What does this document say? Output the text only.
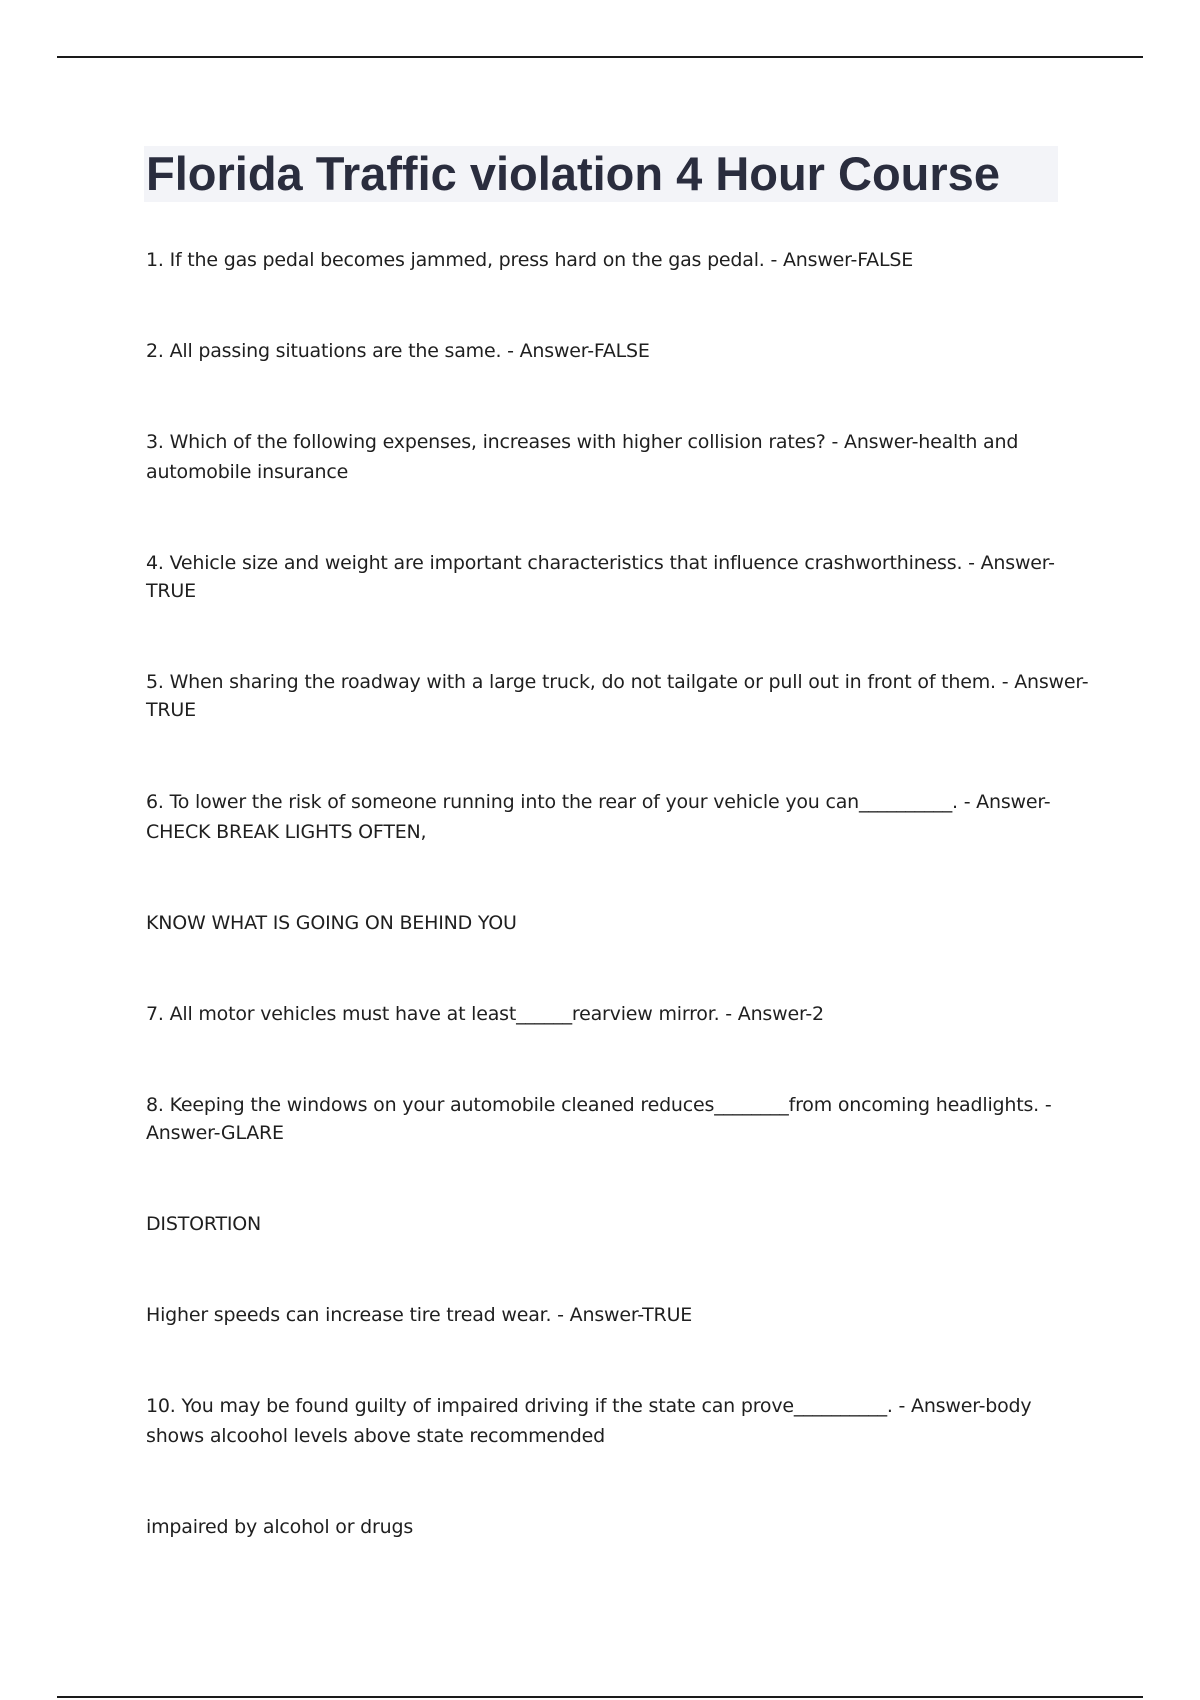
Florida Traffic violation 4 Hour Course

1. If the gas pedal becomes jammed, press hard on the gas pedal. - Answer-FALSE

2. All passing situations are the same. - Answer-FALSE

3. Which of the following expenses, increases with higher collision rates? - Answer-health and

automobile insurance

4. Vehicle size and weight are important characteristics that influence crashworthiness. - Answer-

TRUE

5. When sharing the roadway with a large truck, do not tailgate or pull out in front of them. - Answer-

TRUE

6. To lower the risk of someone running into the rear of your vehicle you can__________. - Answer-

CHECK BREAK LIGHTS OFTEN,

KNOW WHAT IS GOING ON BEHIND YOU

7. All motor vehicles must have at least______rearview mirror. - Answer-2

8. Keeping the windows on your automobile cleaned reduces________from oncoming headlights. -

Answer-GLARE

DISTORTION

Higher speeds can increase tire tread wear. - Answer-TRUE

10. You may be found guilty of impaired driving if the state can prove__________. - Answer-body

shows alcoohol levels above state recommended

impaired by alcohol or drugs
